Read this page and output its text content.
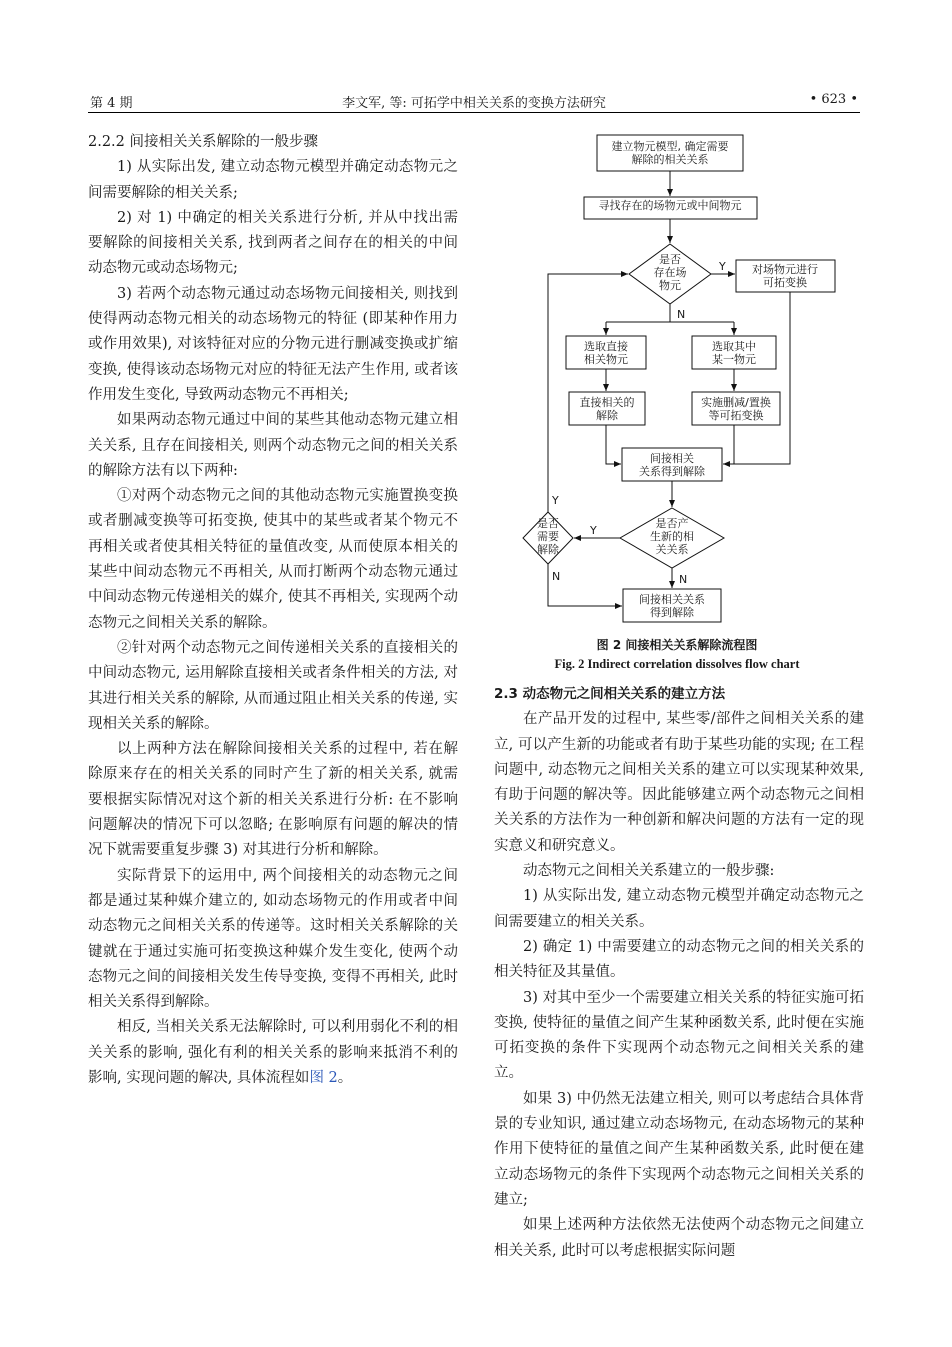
第 4 期	李文军, 等: 可拓学中相关关系的变换方法研究	• 623 •
2.2.2 间接相关关系解除的一般步骤

1) 从实际出发, 建立动态物元模型并确定动态物元之间需要解除的相关关系;

2) 对 1) 中确定的相关关系进行分析, 并从中找出需要解除的间接相关关系, 找到两者之间存在的相关的中间动态物元或动态场物元;

3) 若两个动态物元通过动态场物元间接相关, 则找到使得两动态物元相关的动态场物元的特征 (即某种作用力或作用效果), 对该特征对应的分物元进行删减变换或扩缩变换, 使得该动态场物元对应的特征无法产生作用, 或者该作用发生变化, 导致两动态物元不再相关;

如果两动态物元通过中间的某些其他动态物元建立相关关系, 且存在间接相关, 则两个动态物元之间的相关关系的解除方法有以下两种:

①对两个动态物元之间的其他动态物元实施置换变换或者删减变换等可拓变换, 使其中的某些或者某个物元不再相关或者使其相关特征的量值改变, 从而使原本相关的某些中间动态物元不再相关, 从而打断两个动态物元通过中间动态物元传递相关的媒介, 使其不再相关, 实现两个动态物元之间相关关系的解除。

②针对两个动态物元之间传递相关关系的直接相关的中间动态物元, 运用解除直接相关或者条件相关的方法, 对其进行相关关系的解除, 从而通过阻止相关关系的传递, 实现相关关系的解除。

以上两种方法在解除间接相关关系的过程中, 若在解除原来存在的相关关系的同时产生了新的相关关系, 就需要根据实际情况对这个新的相关关系进行分析: 在不影响问题解决的情况下可以忽略; 在影响原有问题的解决的情况下就需要重复步骤 3) 对其进行分析和解除。

实际背景下的运用中, 两个间接相关的动态物元之间都是通过某种媒介建立的, 如动态场物元的作用或者中间动态物元之间相关关系的传递等。这时相关关系解除的关键就在于通过实施可拓变换这种媒介发生变化, 使两个动态物元之间的间接相关发生传导变换, 变得不再相关, 此时相关关系得到解除。

相反, 当相关关系无法解除时, 可以利用弱化不利的相关关系的影响, 强化有利的相关关系的影响来抵消不利的影响, 实现问题的解决, 具体流程如图 2。

建立物元模型, 确定需要解除的相关关系
寻找存在的场物元或中间物元
是否存在场物元
对场物元进行可拓变换
选取直接相关物元
选取其中某一物元
直接相关的解除
实施删减/置换等可拓变换
间接相关关系得到解除
是否产生新的相关关系
是否需要解除
间接相关关系得到解除
Y
N
Y
N
Y
N
图 2 间接相关关系解除流程图
Fig. 2 Indirect correlation dissolves flow chart
2.3 动态物元之间相关关系的建立方法

在产品开发的过程中, 某些零/部件之间相关关系的建立, 可以产生新的功能或者有助于某些功能的实现; 在工程问题中, 动态物元之间相关关系的建立可以实现某种效果, 有助于问题的解决等。因此能够建立两个动态物元之间相关关系的方法作为一种创新和解决问题的方法有一定的现实意义和研究意义。

动态物元之间相关关系建立的一般步骤:

1) 从实际出发, 建立动态物元模型并确定动态物元之间需要建立的相关关系。

2) 确定 1) 中需要建立的动态物元之间的相关关系的相关特征及其量值。

3) 对其中至少一个需要建立相关关系的特征实施可拓变换, 使特征的量值之间产生某种函数关系, 此时便在实施可拓变换的条件下实现两个动态物元之间相关关系的建立。

如果 3) 中仍然无法建立相关, 则可以考虑结合具体背景的专业知识, 通过建立动态场物元, 在动态场物元的某种作用下使特征的量值之间产生某种函数关系, 此时便在建立动态场物元的条件下实现两个动态物元之间相关关系的建立;

如果上述两种方法依然无法使两个动态物元之间建立相关关系, 此时可以考虑根据实际问题
